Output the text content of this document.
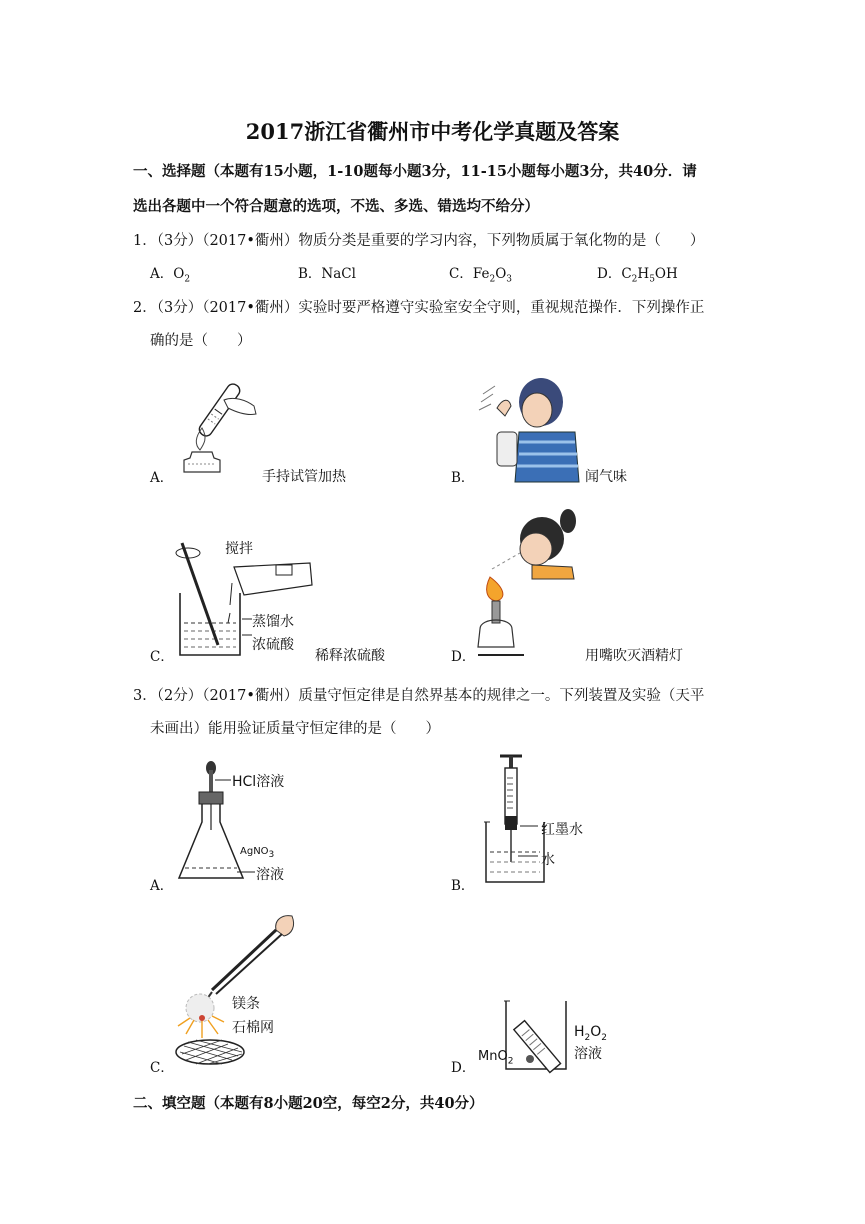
2017浙江省衢州市中考化学真题及答案
一、选择题（本题有15小题，1-10题每小题3分，11-15小题每小题3分，共40分．请
选出各题中一个符合题意的选项，不选、多选、错选均不给分）
1．（3分）（2017•衢州）物质分类是重要的学习内容，下列物质属于氧化物的是（　　）
A．$O_2$	B．NaCl	C．$Fe_2O_3$	D．$C_2H_5OH$
2．（3分）（2017•衢州）实验时要严格遵守实验室安全守则，重视规范操作．下列操作正
确的是（　　）
A．	手持试管加热	B．	闻气味
搅拌
蒸馏水
浓硫酸
C．	稀释浓硫酸	D．	用嘴吹灭酒精灯
3．（2分）（2017•衢州）质量守恒定律是自然界基本的规律之一。下列装置及实验（天平
未画出）能用验证质量守恒定律的是（　　）
HCl溶液
AgNO$_3$
溶液
A．
红墨水
水
B．
镁条
石棉网
C．
MnO$_2$
$H_2O_2$
溶液
D．
二、填空题（本题有8小题20空，每空2分，共40分）
